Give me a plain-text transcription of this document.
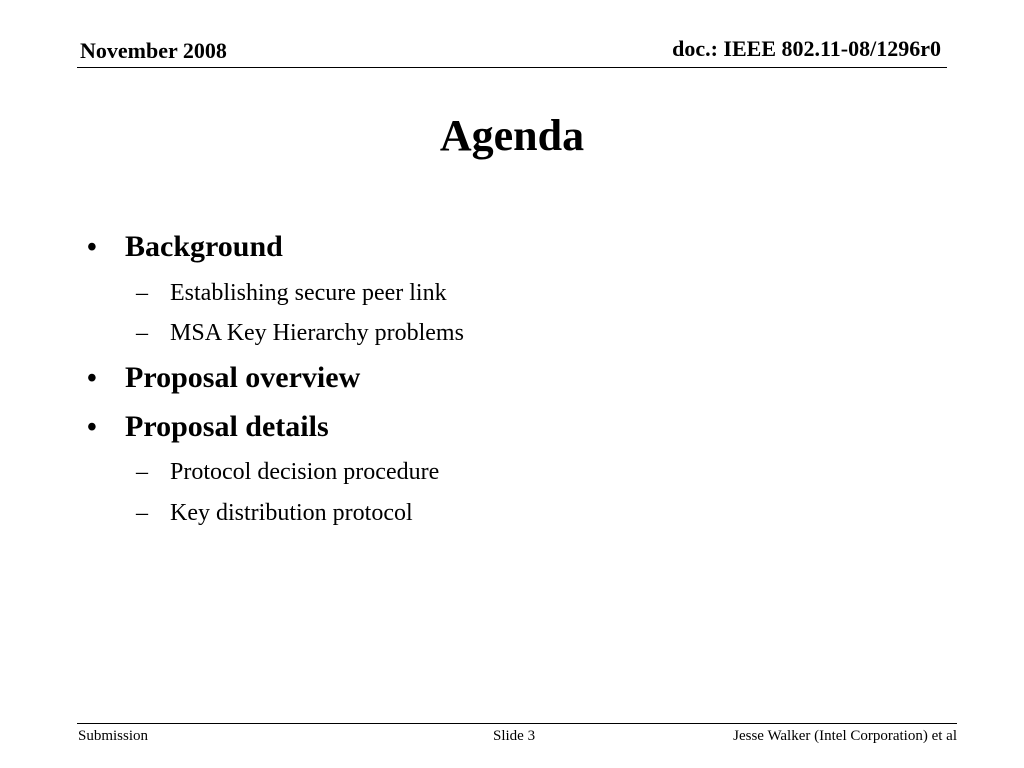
November 2008	doc.: IEEE 802.11-08/1296r0
Agenda
• Background
– Establishing secure peer link
– MSA Key Hierarchy problems
• Proposal overview
• Proposal details
– Protocol decision procedure
– Key distribution protocol
Submission	Slide 3	Jesse Walker (Intel Corporation) et al
